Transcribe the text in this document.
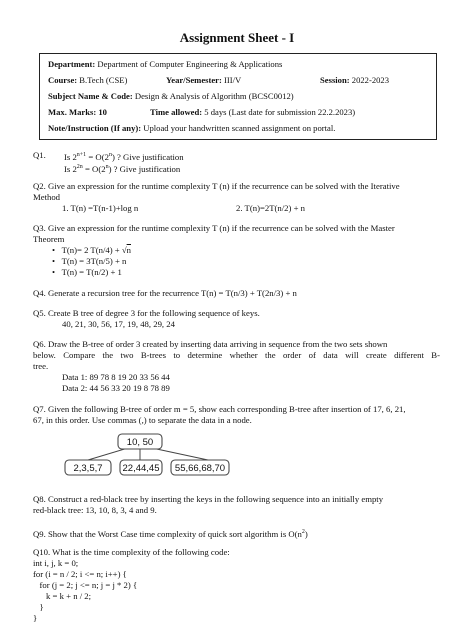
Assignment Sheet - I
Department: Department of Computer Engineering & Applications
Course: B.Tech (CSE)	Year/Semester: III/V	Session: 2022-2023
Subject Name & Code: Design & Analysis of Algorithm (BCSC0012)
Max. Marks: 10	Time allowed: 5 days (Last date for submission 22.2.2023)
Note/Instruction (If any): Upload your handwritten scanned assignment on portal.
Q1. Is $2^{n+1} = O(2^n)$ ? Give justification
Is $2^{2n} = O(2^n)$ ? Give justification
Q2. Give an expression for the runtime complexity T (n) if the recurrence can be solved with the Iterative
Method
1. T(n) =T(n-1)+log n	2. T(n)=2T(n/2) + n
Q3. Give an expression for the runtime complexity T (n) if the recurrence can be solved with the Master
Theorem
•   T(n)= 2 T(n/4) + √n
•   T(n) = 3T(n/5) + n
•   T(n) = T(n/2) + 1
Q4. Generate a recursion tree for the recurrence T(n) = T(n/3) + T(2n/3) + n
Q5. Create B tree of degree 3 for the following sequence of keys.
40, 21, 30, 56, 17, 19, 48, 29, 24
Q6. Draw the B-tree of order 3 created by inserting data arriving in sequence from the two sets shown
below. Compare the two B-trees to determine whether the order of data will create different B-
tree.
Data 1: 89 78 8 19 20 33 56 44
Data 2: 44 56 33 20 19 8 78 89
Q7. Given the following B-tree of order m = 5, show each corresponding B-tree after insertion of 17, 6, 21,
67, in this order. Use commas (,) to separate the data in a node.
10, 50
2,3,5,7 22,44,45 55,66,68,70
Q8. Construct a red-black tree by inserting the keys in the following sequence into an initially empty
red-black tree: 13, 10, 8, 3, 4 and 9.
Q9. Show that the Worst Case time complexity of quick sort algorithm is $O(n^2)$
Q10. What is the time complexity of the following code:
int i, j, k = 0;
for (i = n / 2; i <= n; i++) {
for (j = 2; j <= n; j = j * 2) {
k = k + n / 2;
}
}
